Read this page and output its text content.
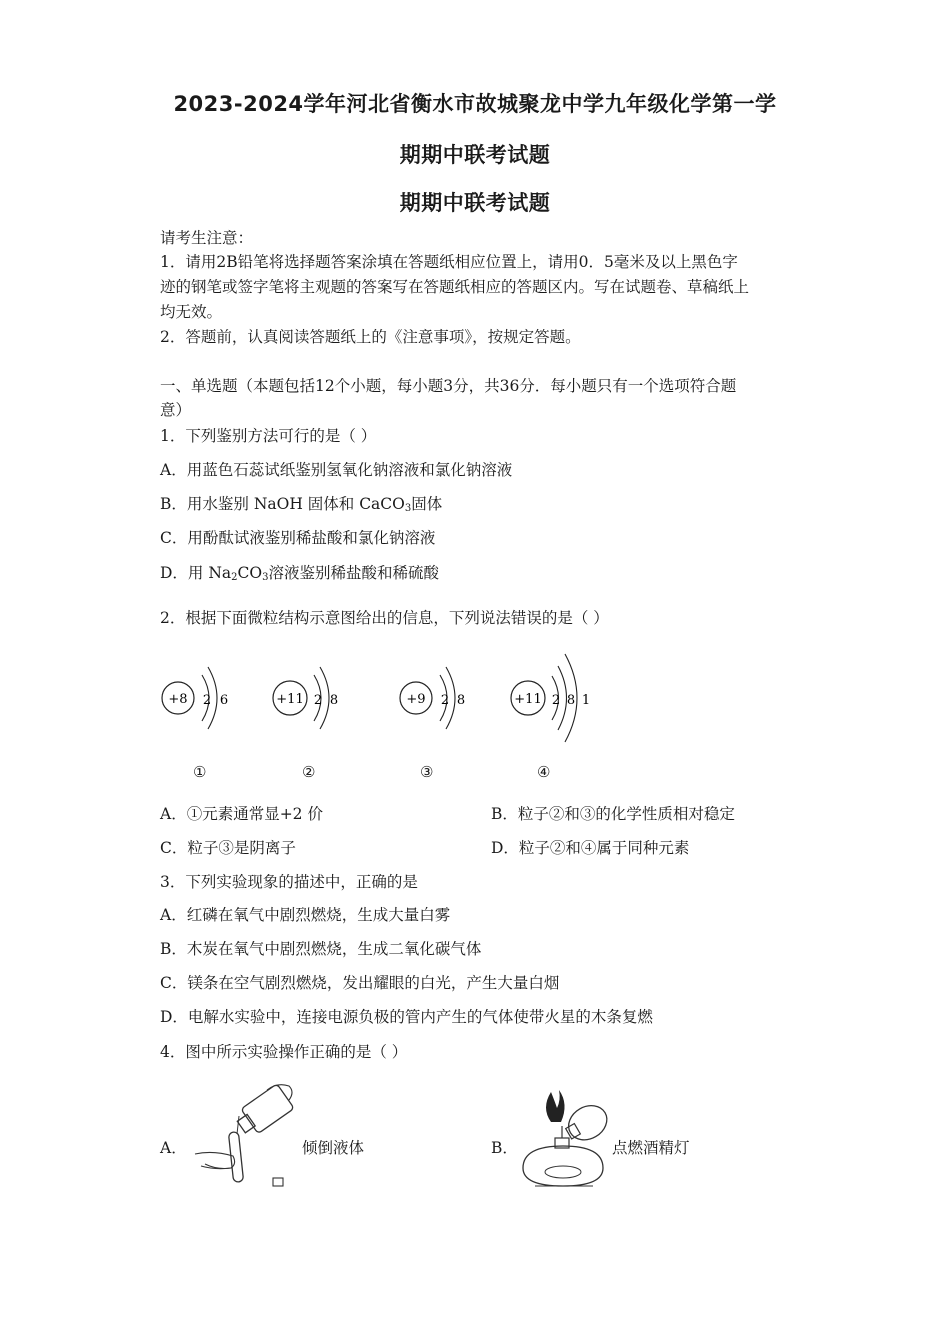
2023-2024学年河北省衡水市故城聚龙中学九年级化学第一学
期期中联考试题
期期中联考试题
请考生注意：
1．请用2B铅笔将选择题答案涂填在答题纸相应位置上，请用0．5毫米及以上黑色字
迹的钢笔或签字笔将主观题的答案写在答题纸相应的答题区内。写在试题卷、草稿纸上
均无效。
2．答题前，认真阅读答题纸上的《注意事项》，按规定答题。
一、单选题（本题包括12个小题，每小题3分，共36分．每小题只有一个选项符合题
意）
1．下列鉴别方法可行的是（ ）
A．用蓝色石蕊试纸鉴别氢氧化钠溶液和氯化钠溶液
B．用水鉴别 NaOH 固体和 CaCO$_3$固体
C．用酚酞试液鉴别稀盐酸和氯化钠溶液
D．用 $Na_2CO_3$溶液鉴别稀盐酸和稀硫酸
2．根据下面微粒结构示意图给出的信息，下列说法错误的是（ ）
+8 2 6
①
+11 2 8
②
+9 2 8
③
+11 2 8 1
④
A．①元素通常显+2 价	B．粒子②和③的化学性质相对稳定
C．粒子③是阴离子	D．粒子②和④属于同种元素
3．下列实验现象的描述中，正确的是
A．红磷在氧气中剧烈燃烧，生成大量白雾
B．木炭在氧气中剧烈燃烧，生成二氧化碳气体
C．镁条在空气剧烈燃烧，发出耀眼的白光，产生大量白烟
D．电解水实验中，连接电源负极的管内产生的气体使带火星的木条复燃
4．图中所示实验操作正确的是（ ）
A．	倾倒液体	B．	点燃酒精灯
